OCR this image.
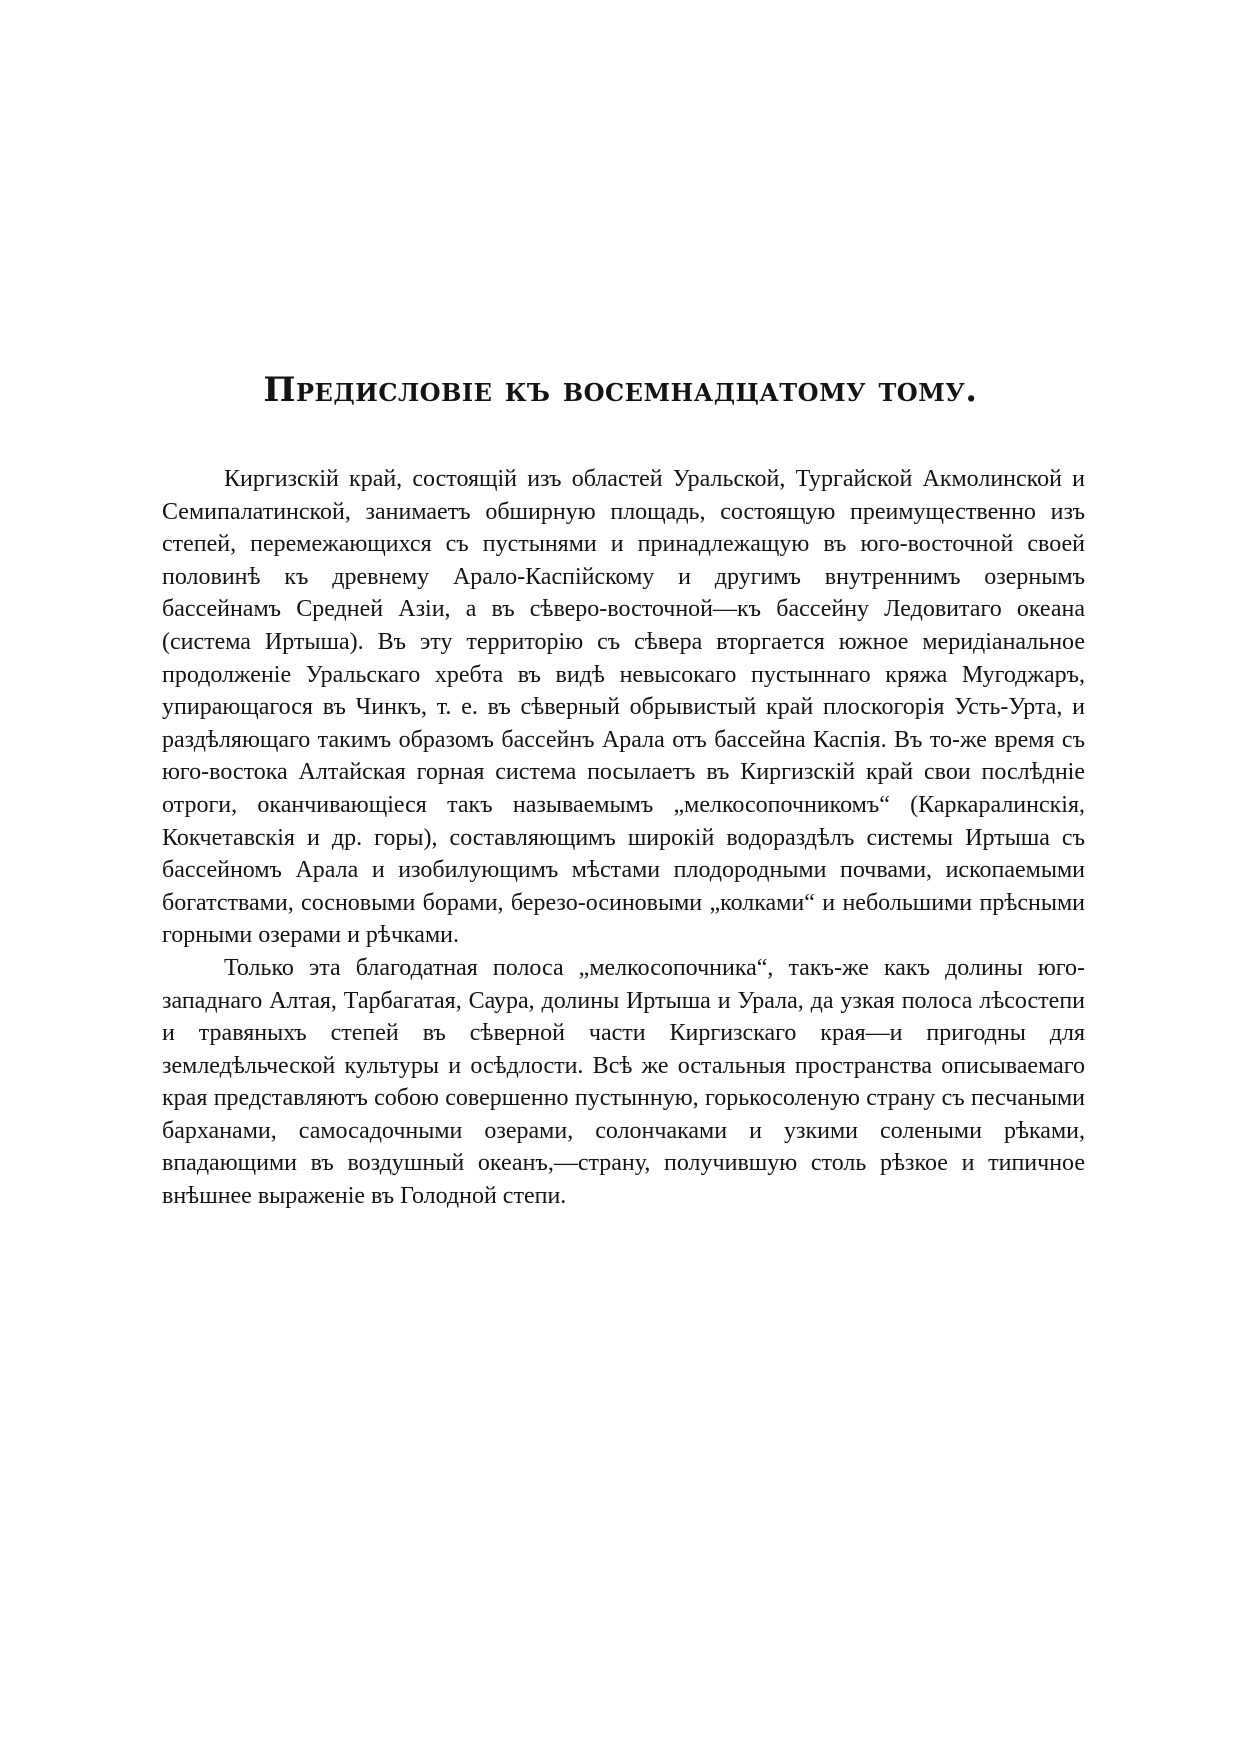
Предисловіе къ восемнадцатому тому.

Киргизскій край, состоящій изъ областей Уральской, Тургайской Акмолинской и Семипалатинской, занимаетъ обширную площадь, состоящую преимущественно изъ степей, перемежающихся съ пустынями и принадлежащую въ юго-восточной своей половинѣ къ древнему Арало-Каспійскому и другимъ внутреннимъ озернымъ бассейнамъ Средней Азіи, а въ сѣверо-восточной—къ бассейну Ледовитаго океана (система Иртыша). Въ эту территорію съ сѣвера вторгается южное меридіанальное продолженіе Уральскаго хребта въ видѣ невысокаго пустыннаго кряжа Мугоджаръ, упирающагося въ Чинкъ, т. е. въ сѣверный обрывистый край плоскогорія Усть-Урта, и раздѣляющаго такимъ образомъ бассейнъ Арала отъ бассейна Каспія. Въ то-же время съ юго-востока Алтайская горная система посылаетъ въ Киргизскій край свои послѣдніе отроги, оканчивающіеся такъ называемымъ „мелкосопочникомъ“ (Каркаралинскія, Кокчетавскія и др. горы), составляющимъ широкій водораздѣлъ системы Иртыша съ бассейномъ Арала и изобилующимъ мѣстами плодородными почвами, ископаемыми богатствами, сосновыми борами, березо-осиновыми „колками“ и небольшими прѣсными горными озерами и рѣчками.

Только эта благодатная полоса „мелкосопочника“, такъ-же какъ долины юго-западнаго Алтая, Тарбагатая, Саура, долины Иртыша и Урала, да узкая полоса лѣсостепи и травяныхъ степей въ сѣверной части Киргизскаго края—и пригодны для земледѣльческой культуры и осѣдлости. Всѣ же остальныя пространства описываемаго края представляютъ собою совершенно пустынную, горькосоленую страну съ песчаными барханами, самосадочными озерами, солончаками и узкими солеными рѣками, впадающими въ воздушный океанъ,—страну, получившую столь рѣзкое и типичное внѣшнее выраженіе въ Голодной степи.
